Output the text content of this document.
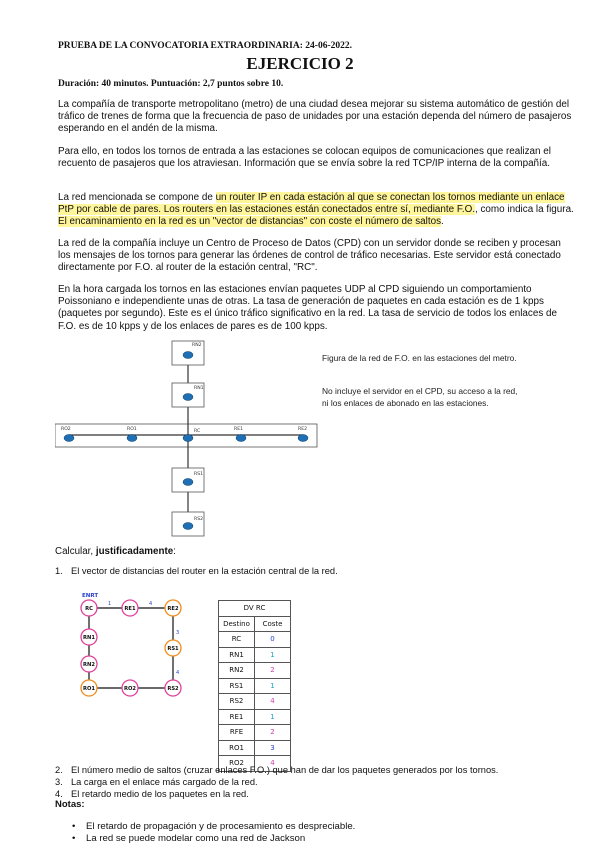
PRUEBA DE LA CONVOCATORIA EXTRAORDINARIA: 24-06-2022.
EJERCICIO 2
Duración: 40 minutos. Puntuación: 2,7 puntos sobre 10.
La compañía de transporte metropolitano (metro) de una ciudad desea mejorar su sistema automático de gestión del tráfico de trenes de forma que la frecuencia de paso de unidades por una estación dependa del número de pasajeros esperando en el andén de la misma.
Para ello, en todos los tornos de entrada a las estaciones se colocan equipos de comunicaciones que realizan el recuento de pasajeros que los atraviesan. Información que se envía sobre la red TCP/IP interna de la compañía.
La red mencionada se compone de un router IP en cada estación al que se conectan los tornos mediante un enlace PtP por cable de pares. Los routers en las estaciones están conectados entre sí, mediante F.O., como indica la figura. El encaminamiento en la red es un "vector de distancias" con coste el número de saltos.
La red de la compañía incluye un Centro de Proceso de Datos (CPD) con un servidor donde se reciben y procesan los mensajes de los tornos para generar las órdenes de control de tráfico necesarias. Este servidor está conectado directamente por F.O. al router de la estación central, "RC".
En la hora cargada los tornos en las estaciones envían paquetes UDP al CPD siguiendo un comportamiento Poissoniano e independiente unas de otras. La tasa de generación de paquetes en cada estación es de 1 kpps (paquetes por segundo). Este es el único tráfico significativo en la red. La tasa de servicio de todos los enlaces de F.O. es de 10 kpps y de los enlaces de pares es de 100 kpps.
RN2
RN1
RO2	RO1	RC	RE1	RE2
RS1
RS2
Figura de la red de F.O. en las estaciones del metro.
No incluye el servidor en el CPD, su acceso a la red, ni los enlaces de abonado en las estaciones.
Calcular, justificadamente:
1. El vector de distancias del router en la estación central de la red.
ENRT
1	4
3
4
RC	RE1	RE2
RN1
RS1
RN2
RO1	RO2	RS2
DV RC	
Destino	Coste
RC	0
RN1	1
RN2	2
RS1	1
RS2	4
RE1	1
RFE	2
RO1	3
RO2	4
2. El número medio de saltos (cruzar enlaces F.O.) que han de dar los paquetes generados por los tornos.
3. La carga en el enlace más cargado de la red.
4. El retardo medio de los paquetes en la red.
Notas:
• El retardo de propagación y de procesamiento es despreciable.
• La red se puede modelar como una red de Jackson
